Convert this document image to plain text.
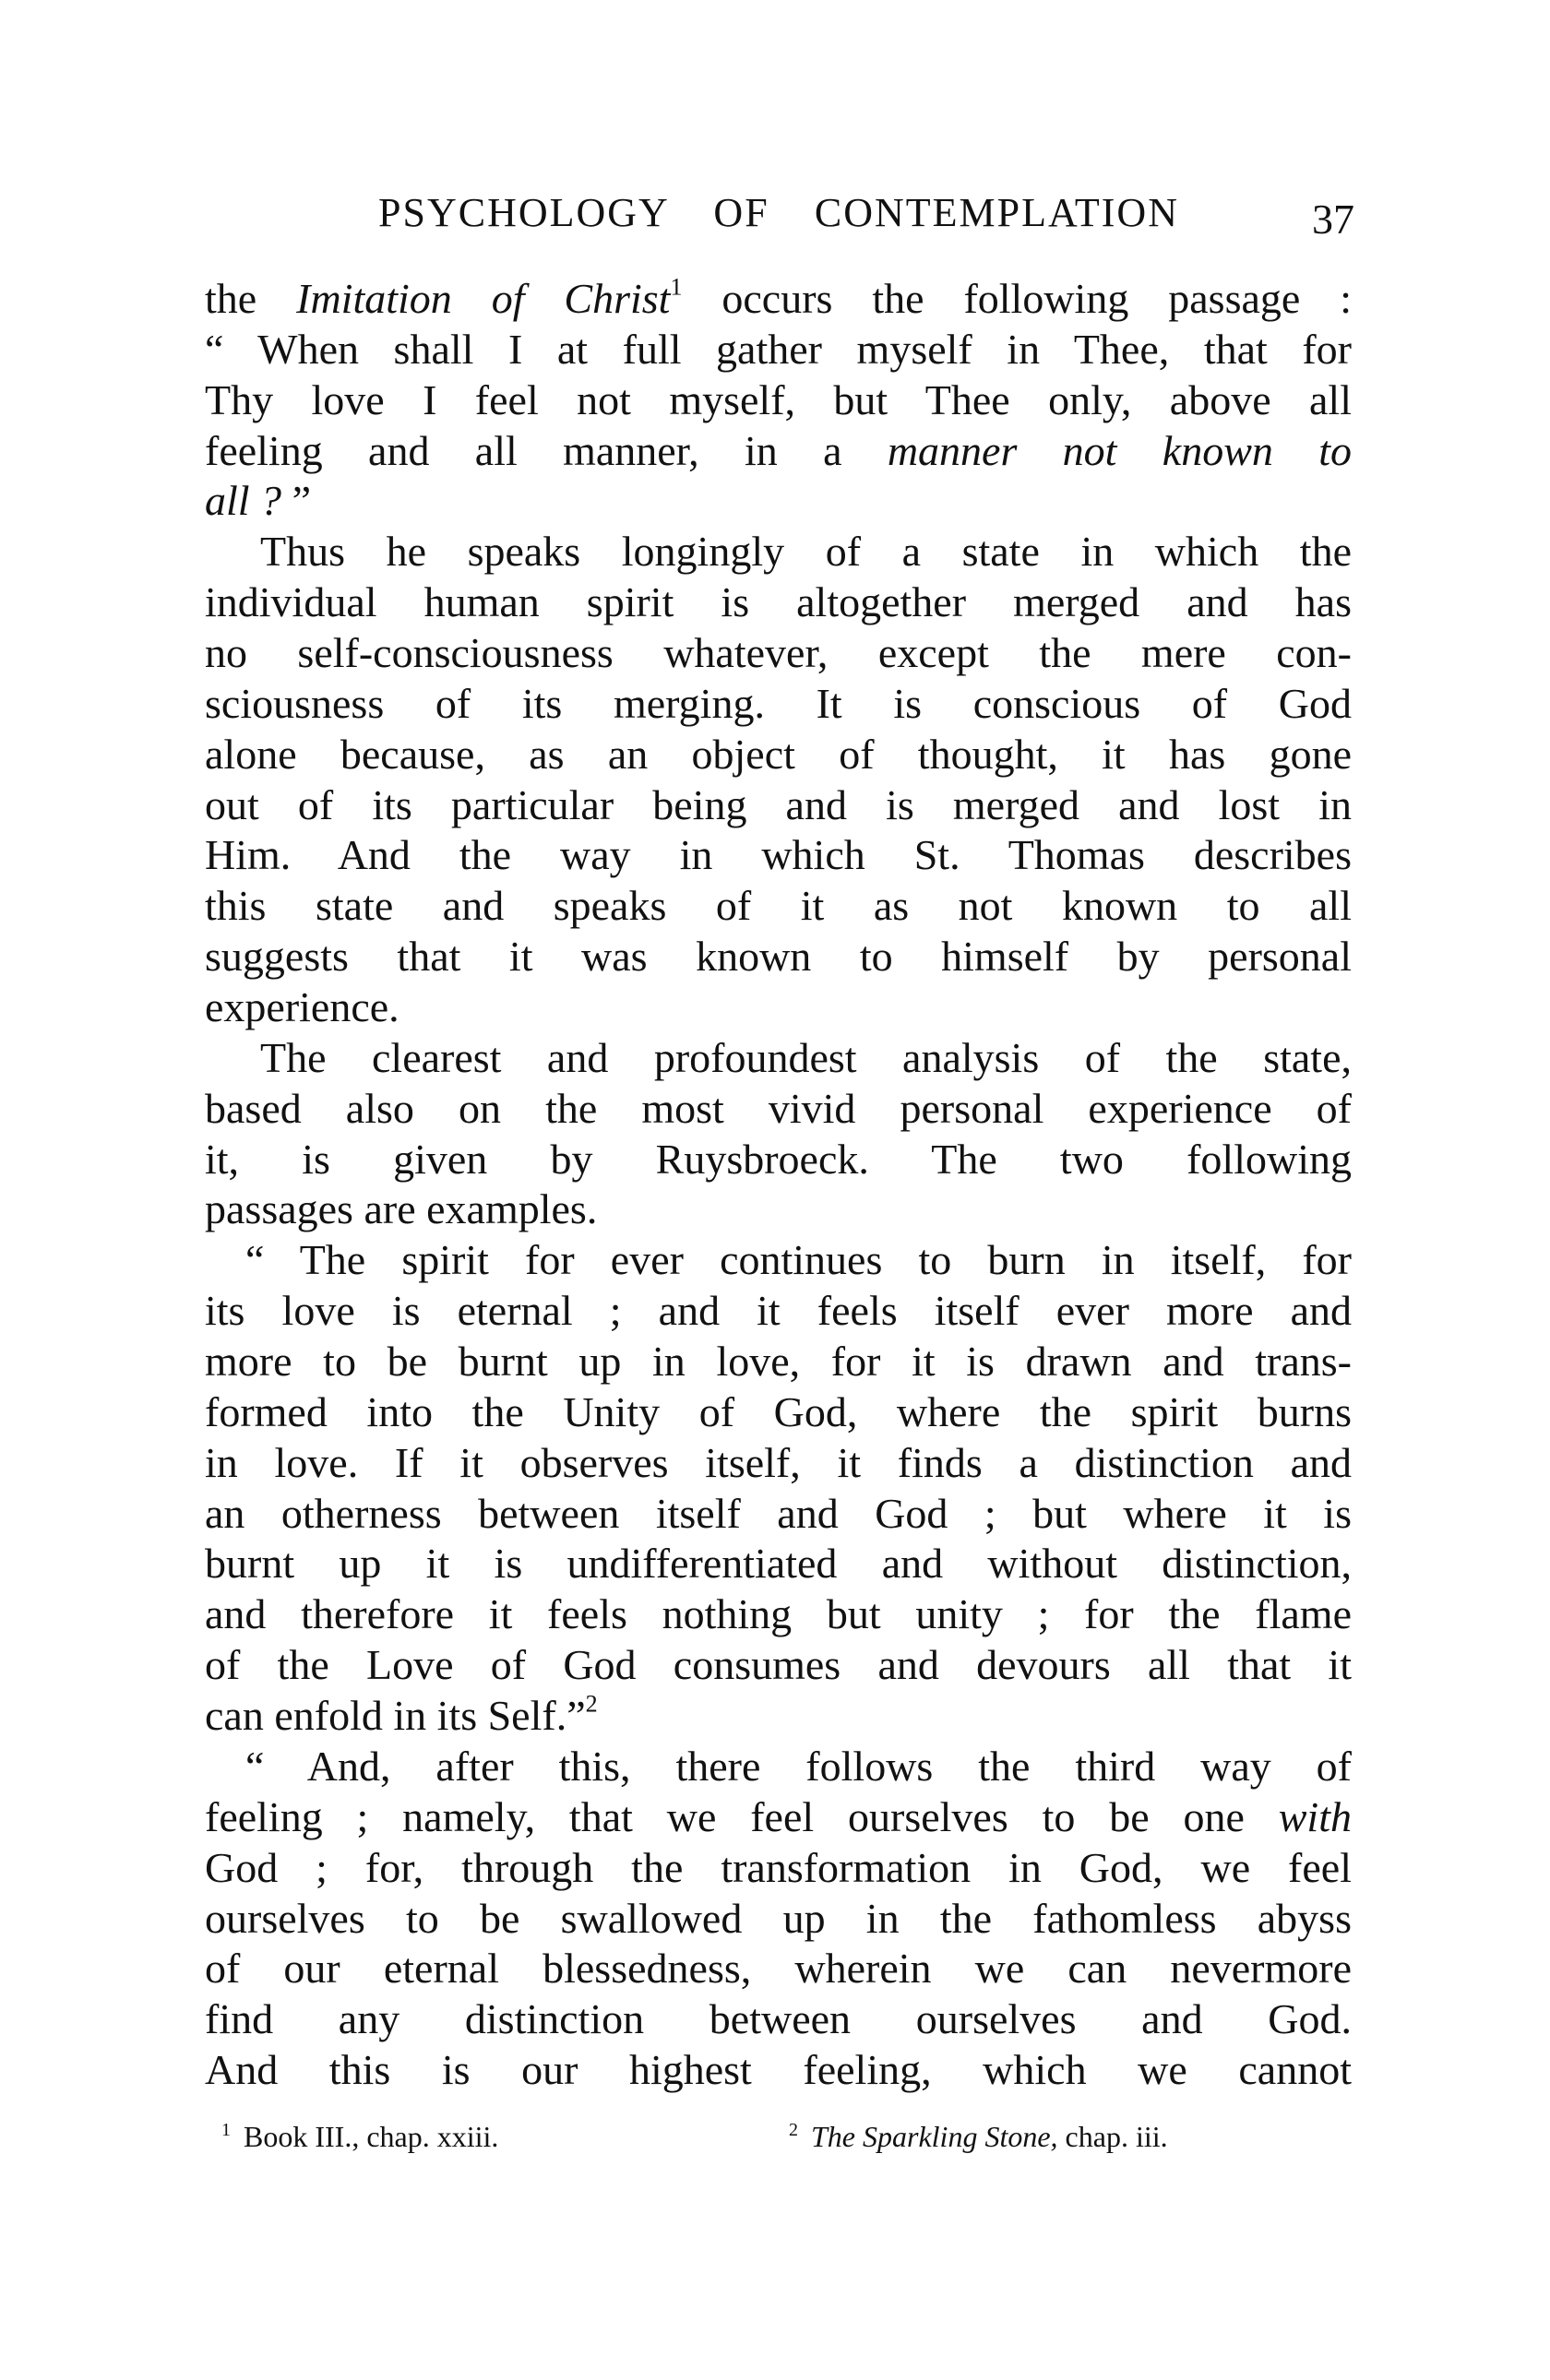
PSYCHOLOGY OF CONTEMPLATION	37
the Imitation of Christ$^1$ occurs the following passage :
“ When shall I at full gather myself in Thee, that for
Thy love I feel not myself, but Thee only, above all
feeling and all manner, in a manner not known to
all ? ”
Thus he speaks longingly of a state in which the
individual human spirit is altogether merged and has
no self-consciousness whatever, except the mere con-
sciousness of its merging. It is conscious of God
alone because, as an object of thought, it has gone
out of its particular being and is merged and lost in
Him. And the way in which St. Thomas describes
this state and speaks of it as not known to all
suggests that it was known to himself by personal
experience.
The clearest and profoundest analysis of the state,
based also on the most vivid personal experience of
it, is given by Ruysbroeck. The two following
passages are examples.
“ The spirit for ever continues to burn in itself, for
its love is eternal ; and it feels itself ever more and
more to be burnt up in love, for it is drawn and trans-
formed into the Unity of God, where the spirit burns
in love. If it observes itself, it finds a distinction and
an otherness between itself and God ; but where it is
burnt up it is undifferentiated and without distinction,
and therefore it feels nothing but unity ; for the flame
of the Love of God consumes and devours all that it
can enfold in its Self.”$^2$
“ And, after this, there follows the third way of
feeling ; namely, that we feel ourselves to be one with
God ; for, through the transformation in God, we feel
ourselves to be swallowed up in the fathomless abyss
of our eternal blessedness, wherein we can nevermore
find any distinction between ourselves and God.
And this is our highest feeling, which we cannot
$^1$ Book III., chap. xxiii.	$^2$ The Sparkling Stone, chap. iii.
